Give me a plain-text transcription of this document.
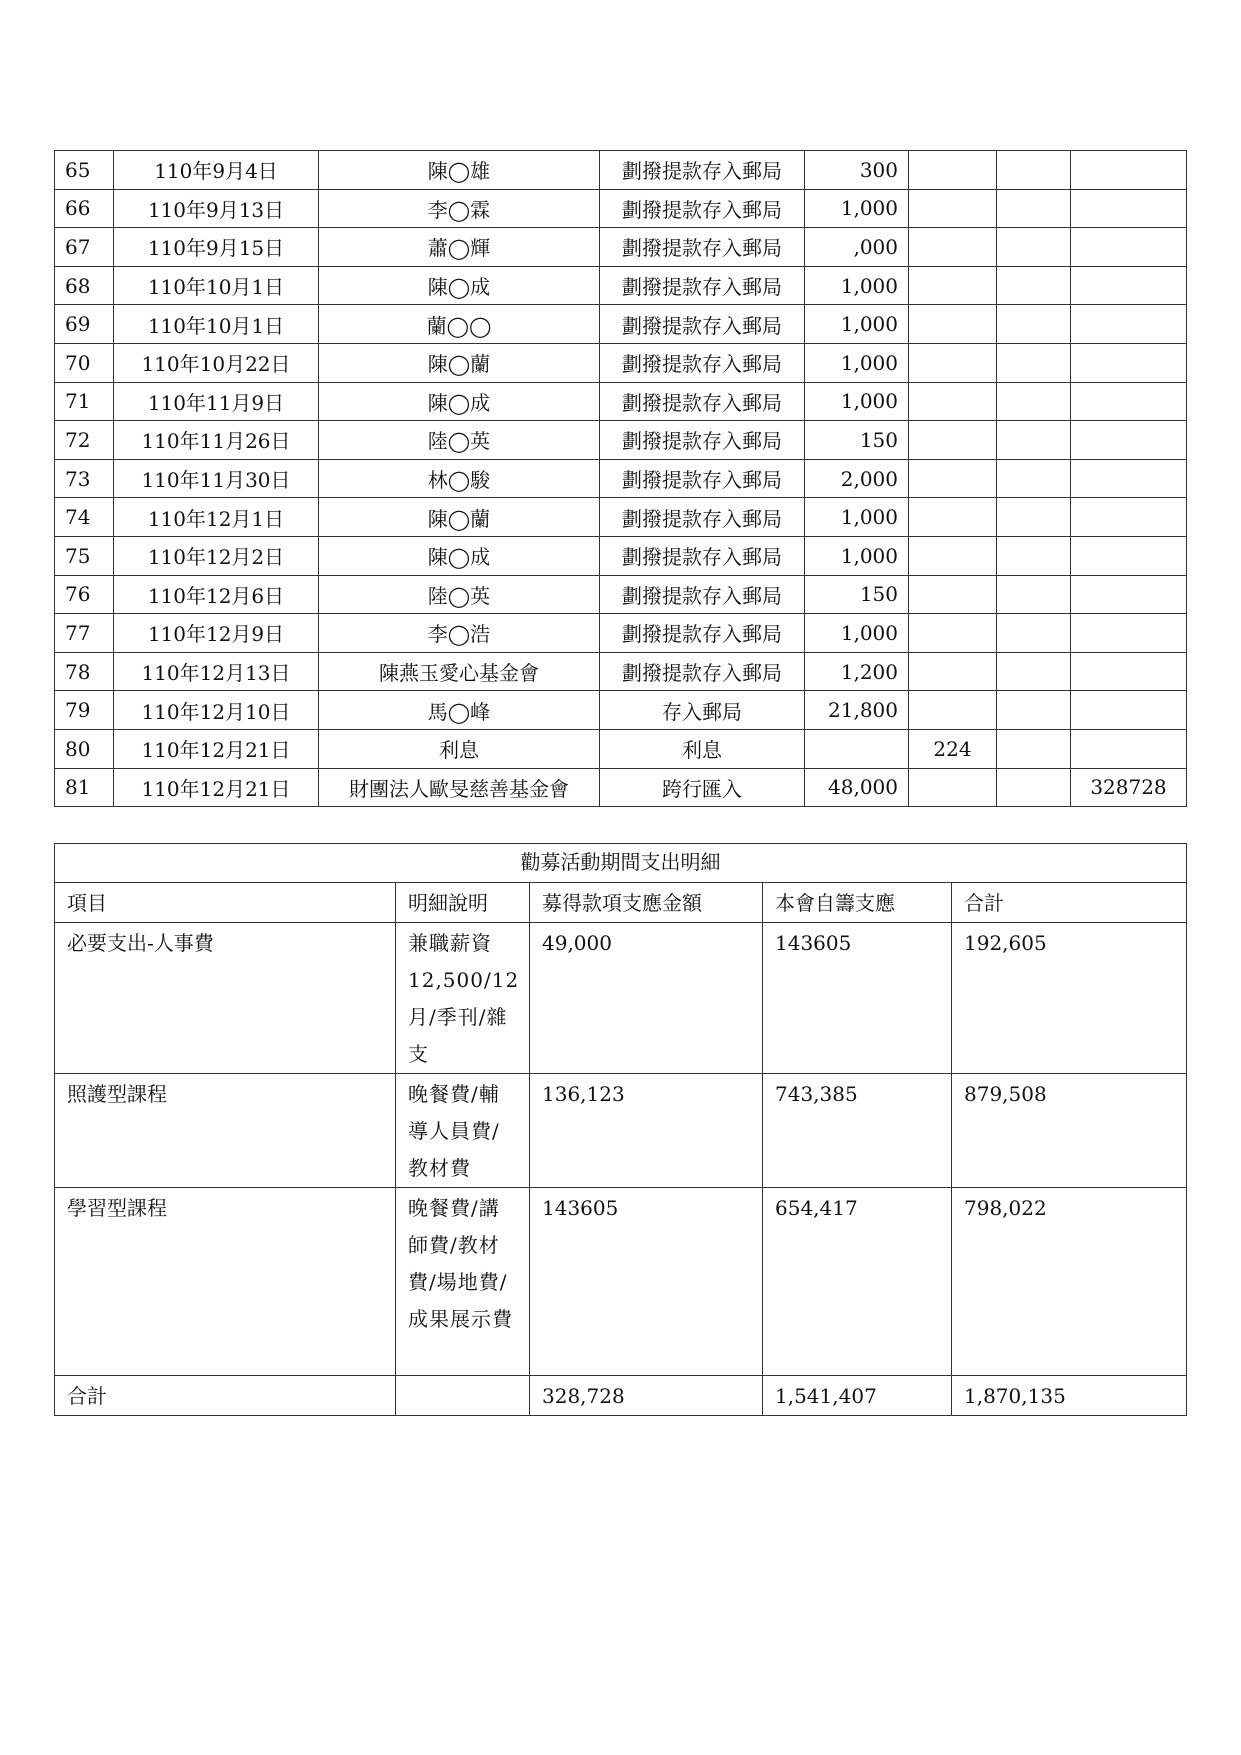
65	110年9月4日	陳◯雄	劃撥提款存入郵局	300			
66	110年9月13日	李◯霖	劃撥提款存入郵局	1,000			
67	110年9月15日	蕭◯輝	劃撥提款存入郵局	,000			
68	110年10月1日	陳◯成	劃撥提款存入郵局	1,000			
69	110年10月1日	蘭◯◯	劃撥提款存入郵局	1,000			
70	110年10月22日	陳◯蘭	劃撥提款存入郵局	1,000			
71	110年11月9日	陳◯成	劃撥提款存入郵局	1,000			
72	110年11月26日	陸◯英	劃撥提款存入郵局	150			
73	110年11月30日	林◯駿	劃撥提款存入郵局	2,000			
74	110年12月1日	陳◯蘭	劃撥提款存入郵局	1,000			
75	110年12月2日	陳◯成	劃撥提款存入郵局	1,000			
76	110年12月6日	陸◯英	劃撥提款存入郵局	150			
77	110年12月9日	李◯浩	劃撥提款存入郵局	1,000			
78	110年12月13日	陳燕玉愛心基金會	劃撥提款存入郵局	1,200			
79	110年12月10日	馬◯峰	存入郵局	21,800			
80	110年12月21日	利息	利息		224		
81	110年12月21日	財團法人歐旻慈善基金會	跨行匯入	48,000			328728
勸募活動期間支出明細				
項目	明細說明	募得款項支應金額	本會自籌支應	合計
必要支出-人事費	兼職薪資12,500/12月/季刊/雜支	49,000	143605	192,605
照護型課程	晚餐費/輔導人員費/教材費	136,123	743,385	879,508
學習型課程	晚餐費/講師費/教材費/場地費/成果展示費	143605	654,417	798,022
合計		328,728	1,541,407	1,870,135
